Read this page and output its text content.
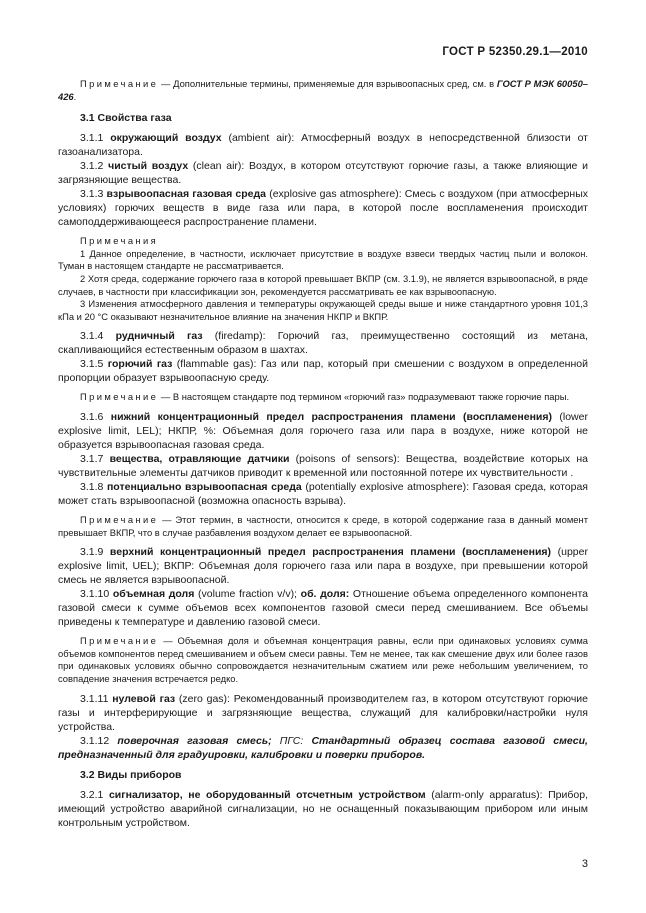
ГОСТ Р 52350.29.1—2010

Примечание — Дополнительные термины, применяемые для взрывоопасных сред, см. в ГОСТ Р МЭК 60050–426.

3.1 Свойства газа

3.1.1 окружающий воздух (ambient air): Атмосферный воздух в непосредственной близости от газоанализатора.

3.1.2 чистый воздух (clean air): Воздух, в котором отсутствуют горючие газы, а также влияющие и загрязняющие вещества.

3.1.3 взрывоопасная газовая среда (explosive gas atmosphere): Смесь с воздухом (при атмосферных условиях) горючих веществ в виде газа или пара, в которой после воспламенения происходит самоподдерживающееся распространение пламени.

Примечания

1 Данное определение, в частности, исключает присутствие в воздухе взвеси твердых частиц пыли и волокон. Туман в настоящем стандарте не рассматривается.

2 Хотя среда, содержание горючего газа в которой превышает ВКПР (см. 3.1.9), не является взрывоопасной, в ряде случаев, в частности при классификации зон, рекомендуется рассматривать ее как взрывоопасную.

3 Изменения атмосферного давления и температуры окружающей среды выше и ниже стандартного уровня 101,3 кПа и 20 °С оказывают незначительное влияние на значения НКПР и ВКПР.

3.1.4 рудничный газ (firedamp): Горючий газ, преимущественно состоящий из метана, скапливающийся естественным образом в шахтах.

3.1.5 горючий газ (flammable gas): Газ или пар, который при смешении с воздухом в определенной пропорции образует взрывоопасную среду.

Примечание — В настоящем стандарте под термином «горючий газ» подразумевают также горючие пары.

3.1.6 нижний концентрационный предел распространения пламени (воспламенения) (lower explosive limit, LEL); НКПР, %: Объемная доля горючего газа или пара в воздухе, ниже которой не образуется взрывоопасная газовая среда.

3.1.7 вещества, отравляющие датчики (poisons of sensors): Вещества, воздействие которых на чувствительные элементы датчиков приводит к временной или постоянной потере их чувствительности .

3.1.8 потенциально взрывоопасная среда (potentially explosive atmosphere): Газовая среда, которая может стать взрывоопасной (возможна опасность взрыва).

Примечание — Этот термин, в частности, относится к среде, в которой содержание газа в данный момент превышает ВКПР, что в случае разбавления воздухом делает ее взрывоопасной.

3.1.9 верхний концентрационный предел распространения пламени (воспламенения) (upper explosive limit, UEL); ВКПР: Объемная доля горючего газа или пара в воздухе, при превышении которой смесь не является взрывоопасной.

3.1.10 объемная доля (volume fraction v/v); об. доля: Отношение объема определенного компонента газовой смеси к сумме объемов всех компонентов газовой смеси перед смешиванием. Все объемы приведены к температуре и давлению газовой смеси.

Примечание — Объемная доля и объемная концентрация равны, если при одинаковых условиях сумма объемов компонентов перед смешиванием и объем смеси равны. Тем не менее, так как смешение двух или более газов при одинаковых условиях обычно сопровождается незначительным сжатием или реже небольшим увеличением, то совпадение значения встречается редко.

3.1.11 нулевой газ (zero gas): Рекомендованный производителем газ, в котором отсутствуют горючие газы и интерферирующие и загрязняющие вещества, служащий для калибровки/настройки нуля устройства.

3.1.12 поверочная газовая смесь; ПГС: Стандартный образец состава газовой смеси, предназначенный для градуировки, калибровки и поверки приборов.

3.2 Виды приборов

3.2.1 сигнализатор, не оборудованный отсчетным устройством (alarm-only apparatus): Прибор, имеющий устройство аварийной сигнализации, но не оснащенный показывающим прибором или иным контрольным устройством.

3
